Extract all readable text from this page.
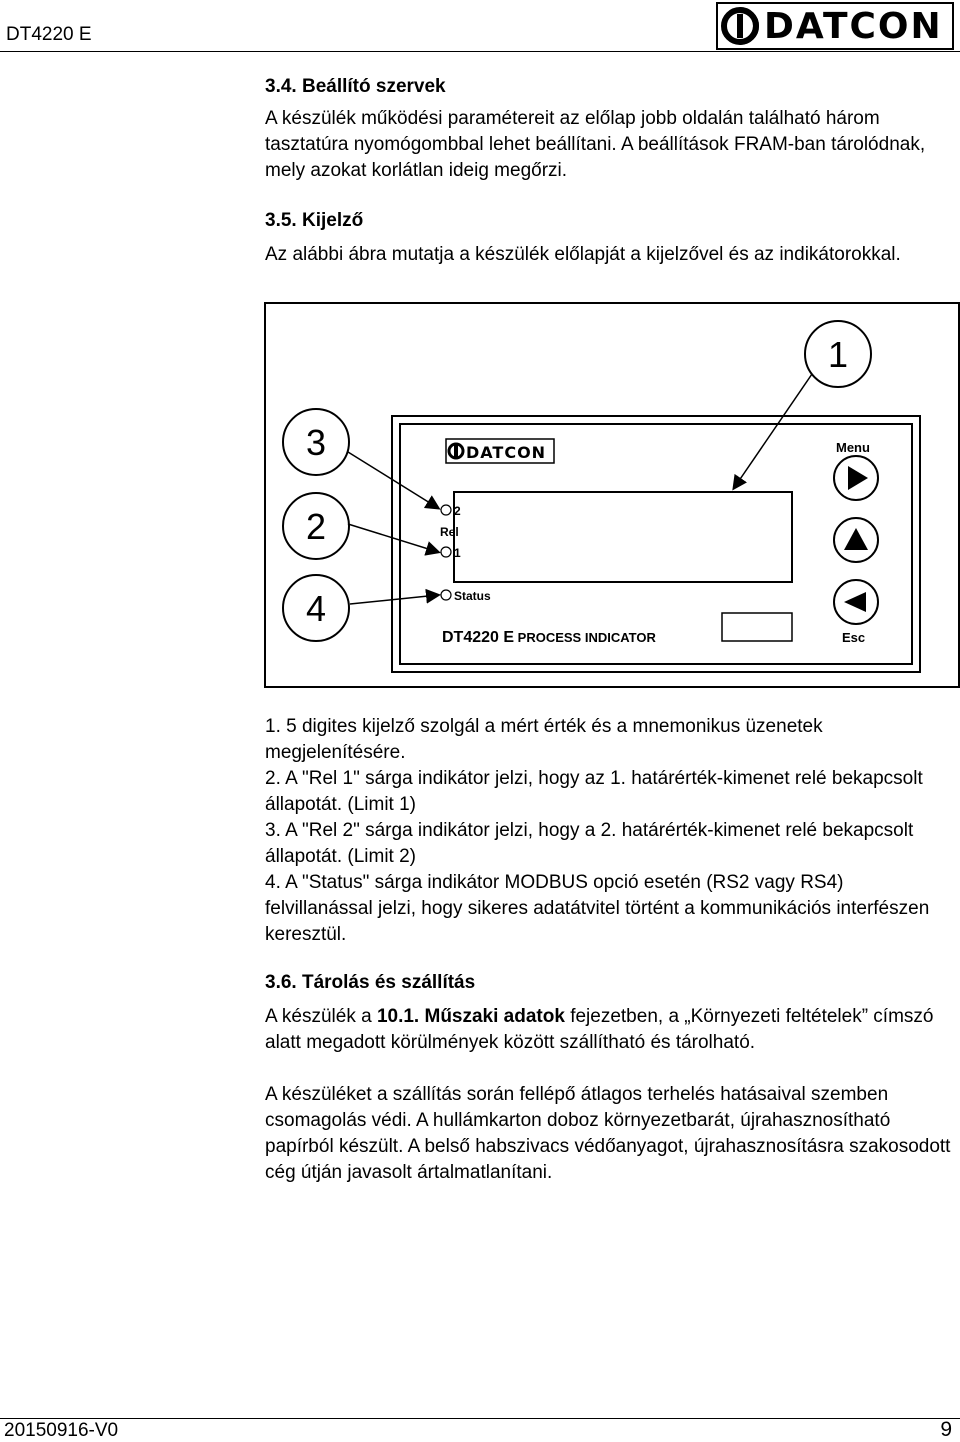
DT4220 E	DATCON

3.4. Beállító szervek

A készülék működési paramétereit az előlap jobb oldalán található három tasztatúra nyomógombbal lehet beállítani. A beállítások FRAM-ban tárolódnak, mely azokat korlátlan ideig megőrzi.

3.5. Kijelző

Az alábbi ábra mutatja a készülék előlapját a kijelzővel és az indikátorokkal.

DATCON	Menu
Esc
2
Rel
1
Status
DT4220 E PROCESS INDICATOR
1
3
2
4

1. 5 digites kijelző szolgál a mért érték és a mnemonikus üzenetek megjelenítésére.

2. A "Rel 1" sárga indikátor jelzi, hogy az 1. határérték-kimenet relé bekapcsolt állapotát. (Limit 1)

3. A "Rel 2" sárga indikátor jelzi, hogy a 2. határérték-kimenet relé bekapcsolt állapotát. (Limit 2)

4. A "Status" sárga indikátor MODBUS opció esetén (RS2 vagy RS4) felvillanással jelzi, hogy sikeres adatátvitel történt a kommunikációs interfészen keresztül.

3.6. Tárolás és szállítás

A készülék a 10.1. Műszaki adatok fejezetben, a „Környezeti feltételek” címszó alatt megadott körülmények között szállítható és tárolható.

A készüléket a szállítás során fellépő átlagos terhelés hatásaival szemben csomagolás védi. A hullámkarton doboz környezetbarát, újrahasznosítható papírból készült. A belső habszivacs védőanyagot, újrahasznosításra szakosodott cég útján javasolt ártalmatlanítani.

20150916-V0	9
